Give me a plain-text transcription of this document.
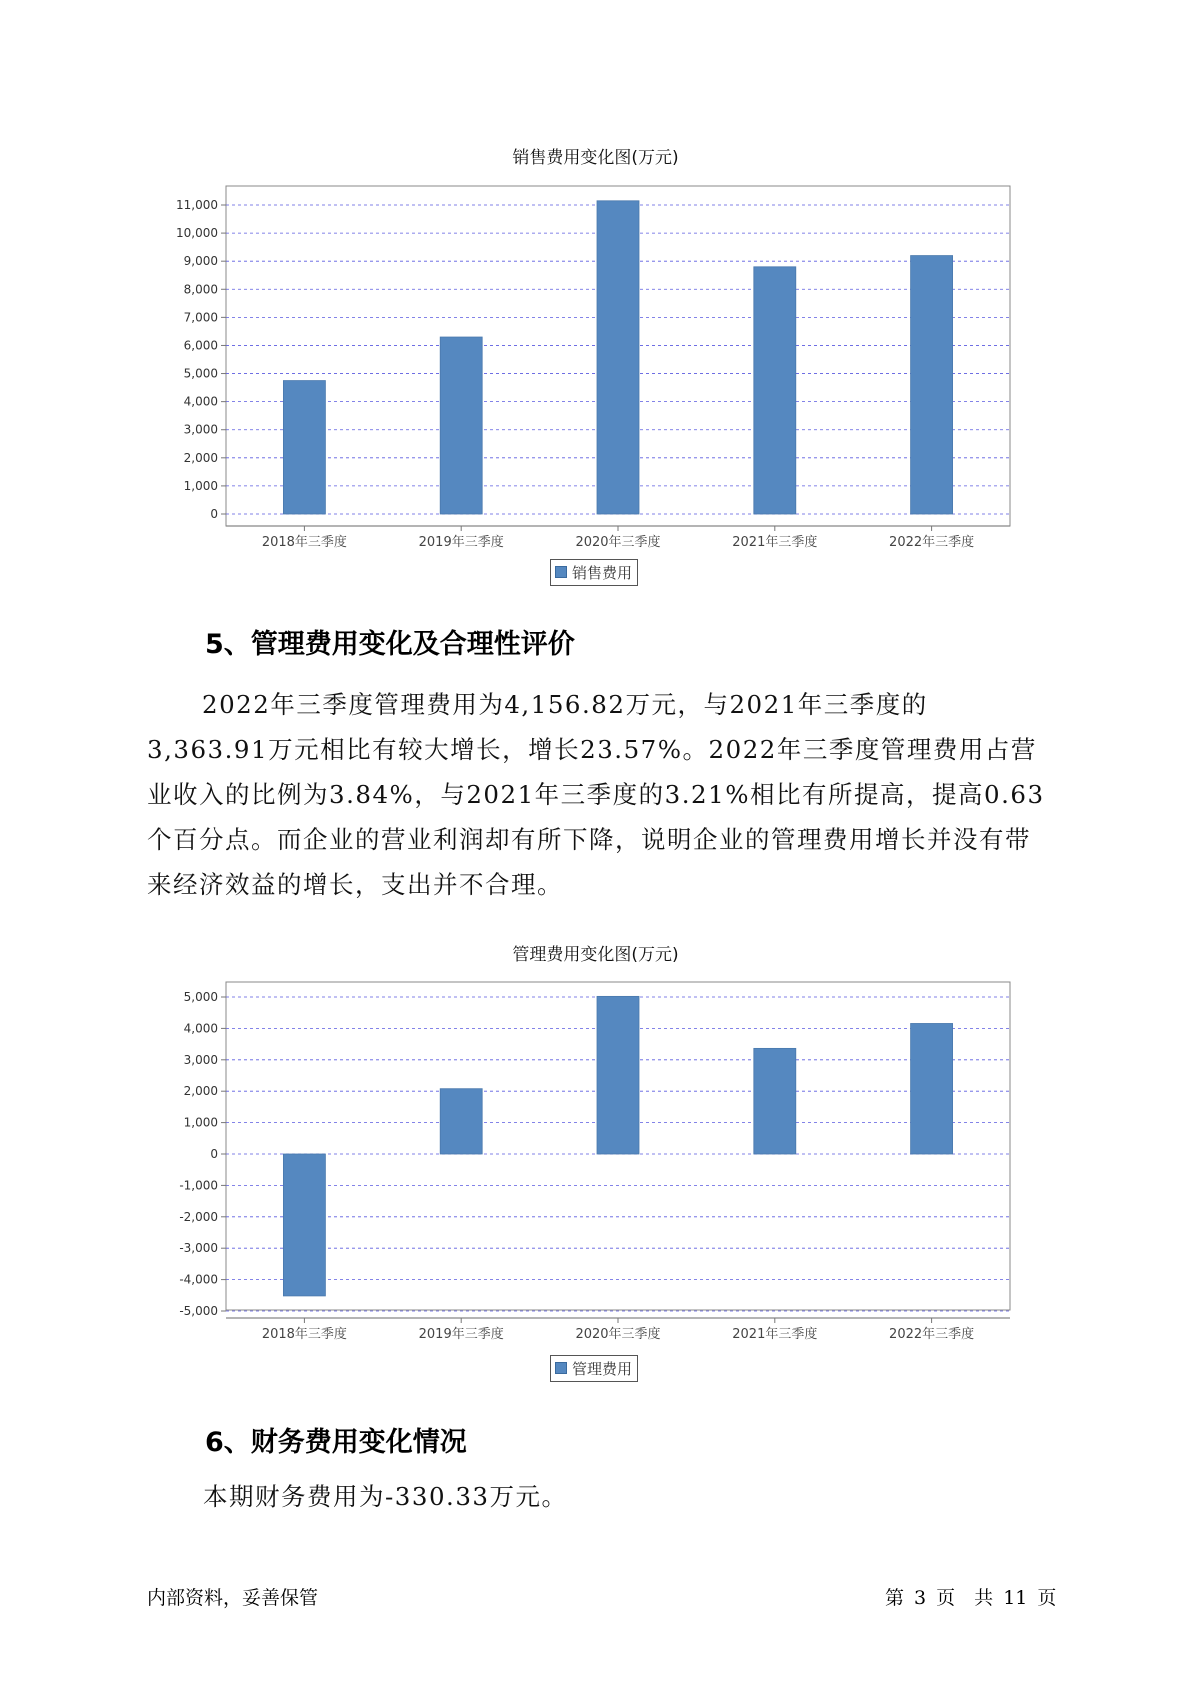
销售费用变化图(万元)
0
1,000
2,000
3,000
4,000
5,000
6,000
7,000
8,000
9,000
10,000
11,000
2018年三季度	2019年三季度	2020年三季度	2021年三季度	2022年三季度
销售费用
5、管理费用变化及合理性评价

2022年三季度管理费用为4,156.82万元，与2021年三季度的3,363.91万元相比有较大增长，增长23.57%。2022年三季度管理费用占营业收入的比例为3.84%，与2021年三季度的3.21%相比有所提高，提高0.63个百分点。而企业的营业利润却有所下降，说明企业的管理费用增长并没有带来经济效益的增长，支出并不合理。

管理费用变化图(万元)
-5,000
-4,000
-3,000
-2,000
-1,000
0
1,000
2,000
3,000
4,000
5,000
2018年三季度	2019年三季度	2020年三季度	2021年三季度	2022年三季度
管理费用
6、财务费用变化情况
本期财务费用为-330.33万元。
内部资料，妥善保管	第 3 页　共 11 页
